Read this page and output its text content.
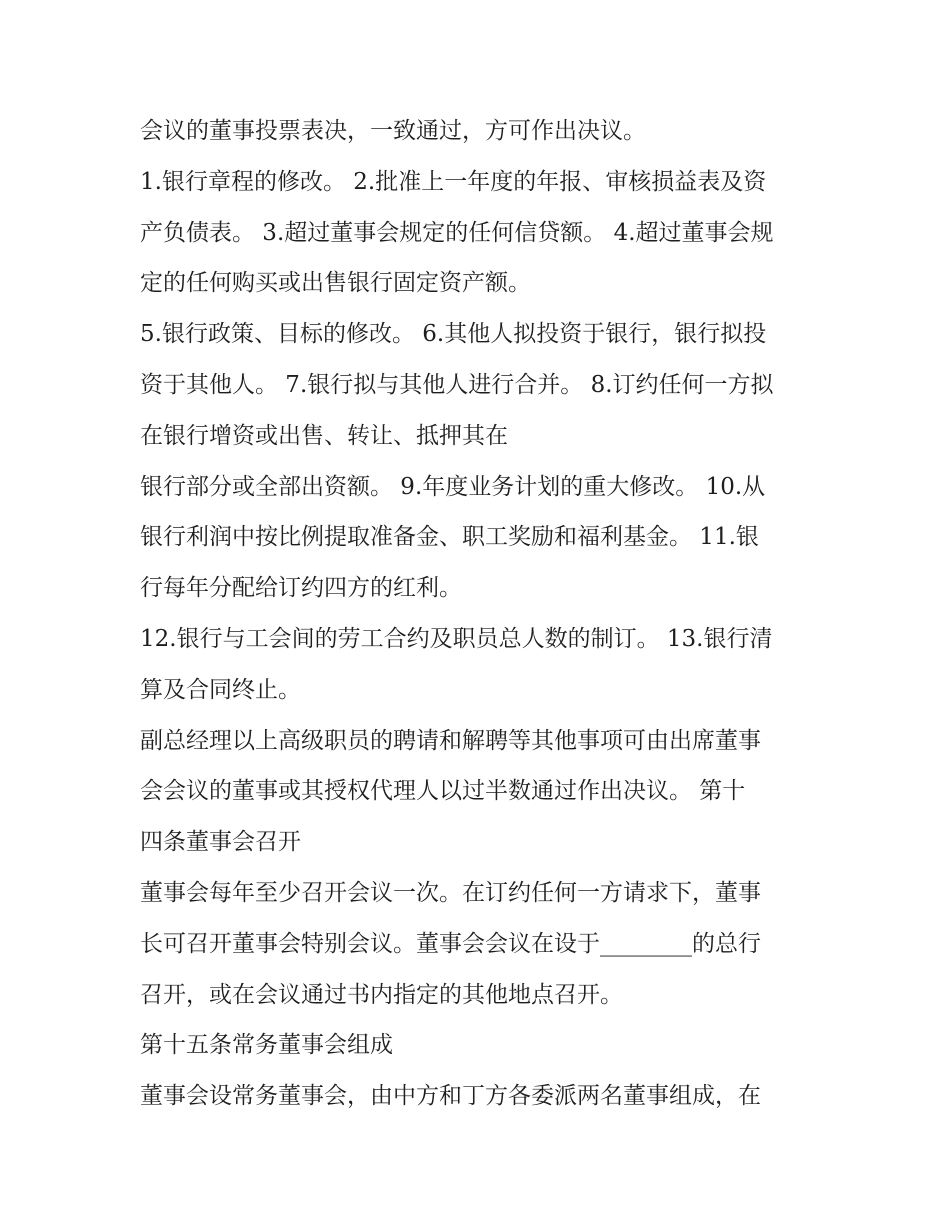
会议的董事投票表决，一致通过，方可作出决议。

1.银行章程的修改。 2.批准上一年度的年报、审核损益表及资

产负债表。 3.超过董事会规定的任何信贷额。 4.超过董事会规

定的任何购买或出售银行固定资产额。

5.银行政策、目标的修改。 6.其他人拟投资于银行，银行拟投

资于其他人。 7.银行拟与其他人进行合并。 8.订约任何一方拟

在银行增资或出售、转让、抵押其在

银行部分或全部出资额。 9.年度业务计划的重大修改。 10.从

银行利润中按比例提取准备金、职工奖励和福利基金。 11.银

行每年分配给订约四方的红利。

12.银行与工会间的劳工合约及职员总人数的制订。 13.银行清

算及合同终止。

副总经理以上高级职员的聘请和解聘等其他事项可由出席董事

会会议的董事或其授权代理人以过半数通过作出决议。 第十

四条董事会召开

董事会每年至少召开会议一次。在订约任何一方请求下，董事

长可召开董事会特别会议。董事会会议在设于________的总行

召开，或在会议通过书内指定的其他地点召开。

第十五条常务董事会组成

董事会设常务董事会，由中方和丁方各委派两名董事组成，在
